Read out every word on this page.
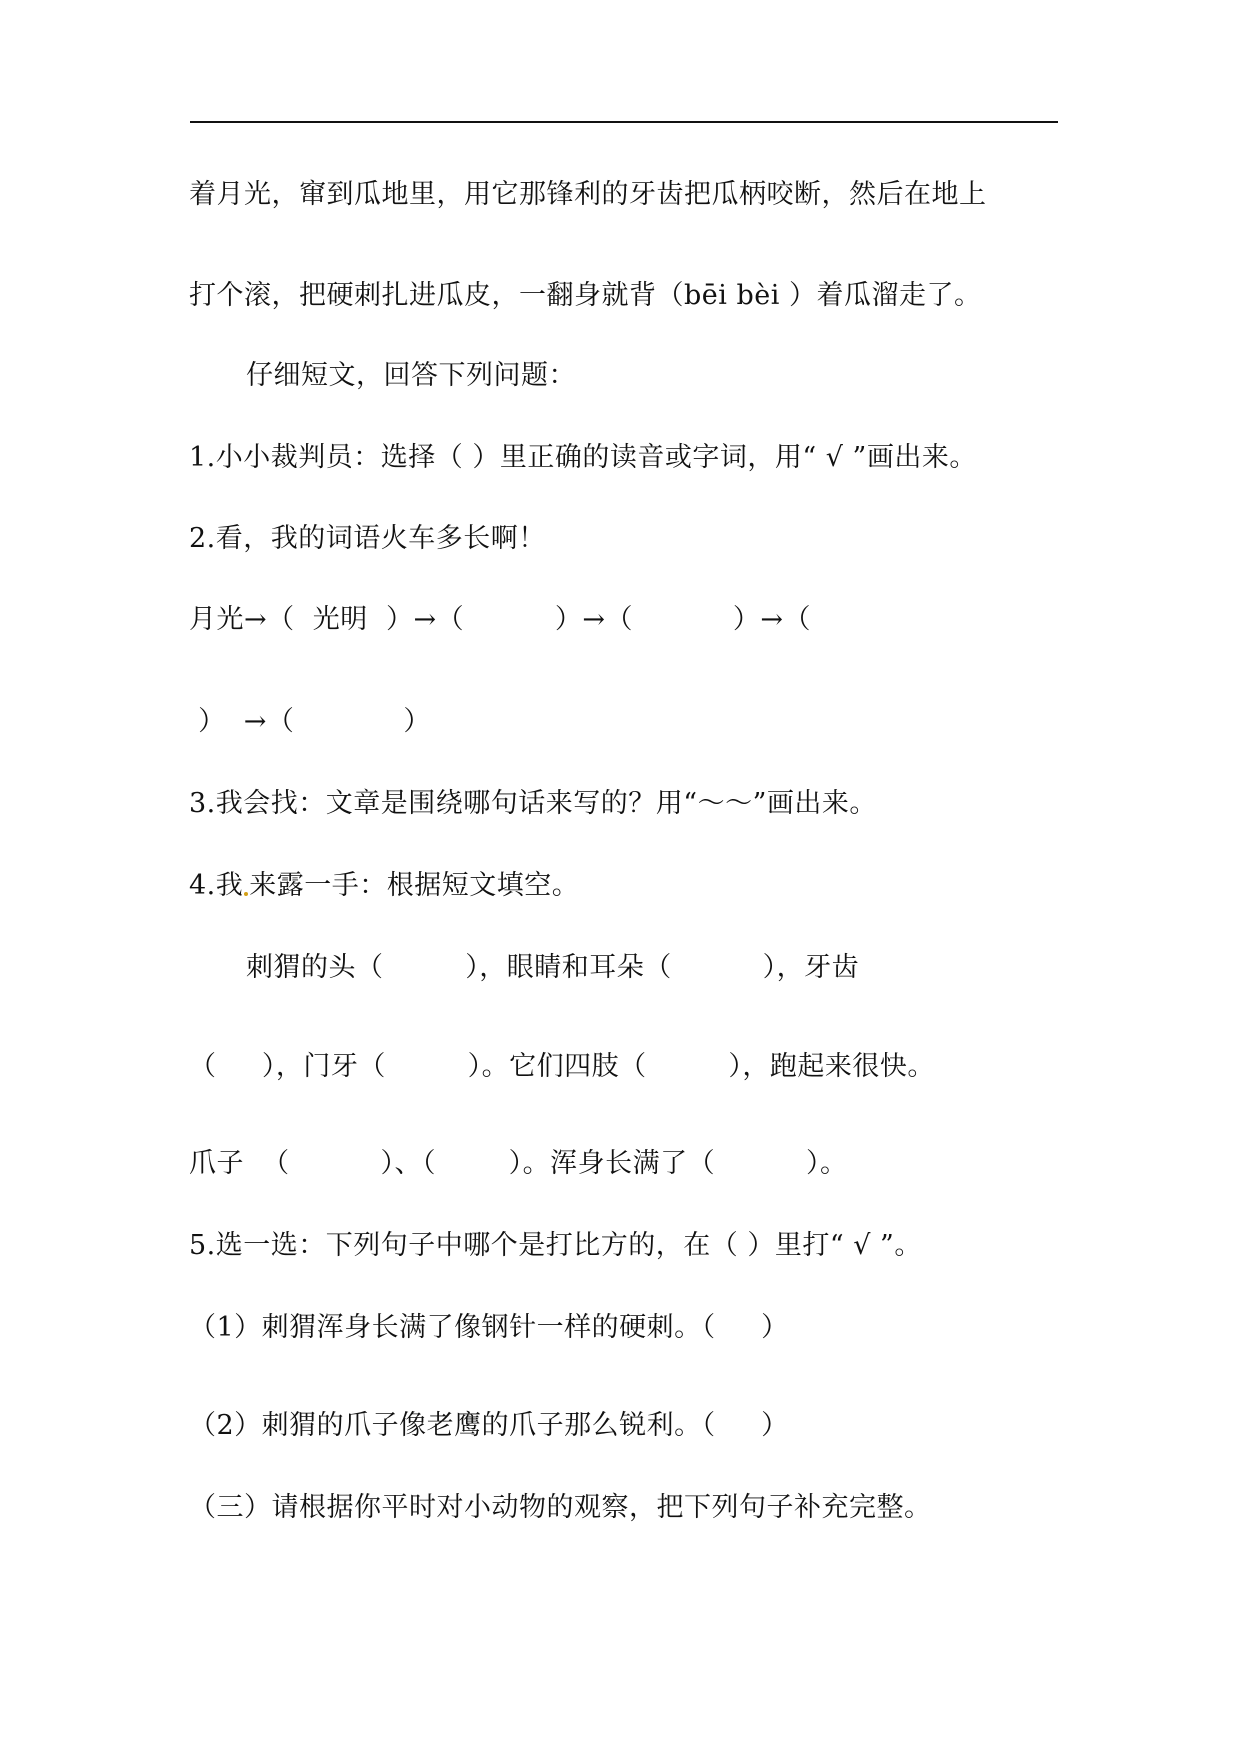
着月光，窜到瓜地里，用它那锋利的牙齿把瓜柄咬断，然后在地上
打个滚，把硬刺扎进瓜皮，一翻身就背（bēi bèi ）着瓜溜走了。
仔细短文，回答下列问题：
1.小小裁判员：选择（ ）里正确的读音或字词，用“ √ ”画出来。
2.看，我的词语火车多长啊！
月光→（  光明  ）→（          ）→（           ）→（
）  →（            ）
3.我会找：文章是围绕哪句话来写的？用“～～”画出来。
4.我 来露一手：根据短文填空。
刺猬的头（         ），眼睛和耳朵（          ），牙齿
（     ），门牙（         ）。它们四肢（         ），跑起来很快。
爪子  （          ）、（        ）。浑身长满了（          ）。
5.选一选：下列句子中哪个是打比方的，在（ ）里打“ √ ”。
（1）刺猬浑身长满了像钢针一样的硬刺。（     ）
（2）刺猬的爪子像老鹰的爪子那么锐利。（     ）
（三）请根据你平时对小动物的观察，把下列句子补充完整。
